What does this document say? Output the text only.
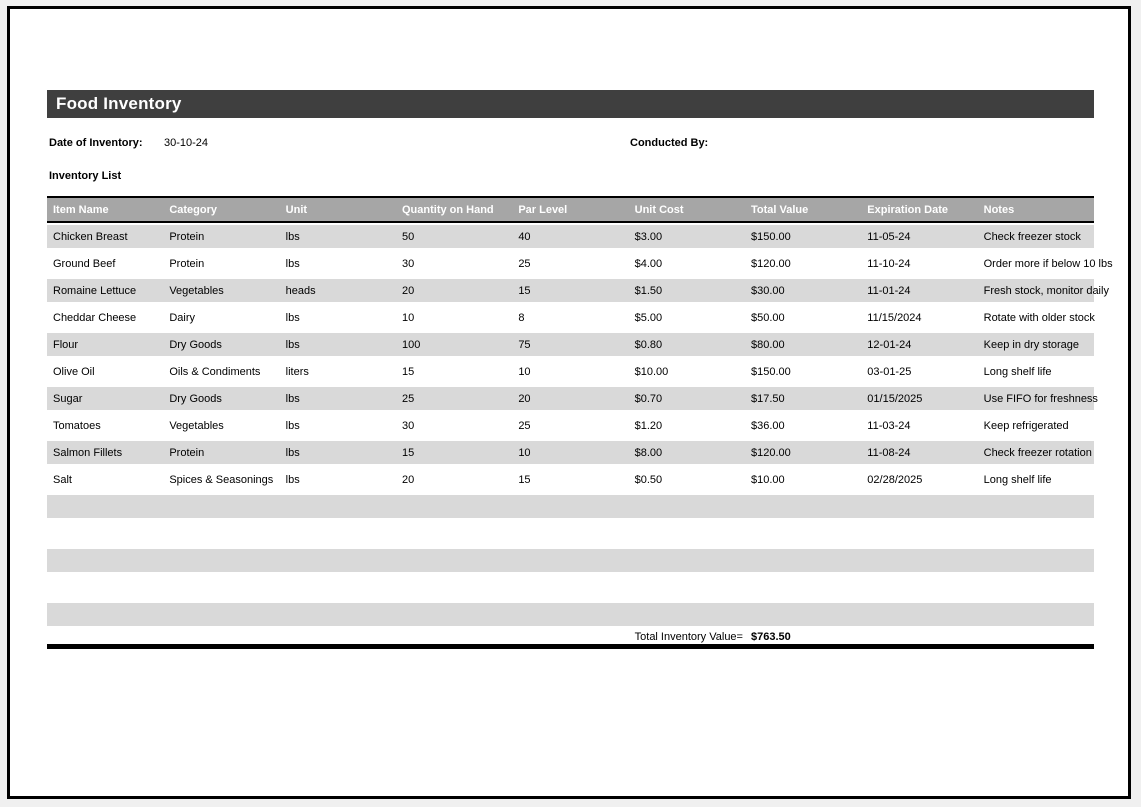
Food Inventory
Date of Inventory: 30-10-24	Conducted By:
Inventory List
Item Name	Category	Unit	Quantity on Hand	Par Level	Unit Cost	Total Value	Expiration Date	Notes
Chicken Breast	Protein	lbs	50	40	$3.00	$150.00	11-05-24	Check freezer stock
Ground Beef	Protein	lbs	30	25	$4.00	$120.00	11-10-24	Order more if below 10 lbs
Romaine Lettuce	Vegetables	heads	20	15	$1.50	$30.00	11-01-24	Fresh stock, monitor daily
Cheddar Cheese	Dairy	lbs	10	8	$5.00	$50.00	11/15/2024	Rotate with older stock
Flour	Dry Goods	lbs	100	75	$0.80	$80.00	12-01-24	Keep in dry storage
Olive Oil	Oils & Condiments	liters	15	10	$10.00	$150.00	03-01-25	Long shelf life
Sugar	Dry Goods	lbs	25	20	$0.70	$17.50	01/15/2025	Use FIFO for freshness
Tomatoes	Vegetables	lbs	30	25	$1.20	$36.00	11-03-24	Keep refrigerated
Salmon Fillets	Protein	lbs	15	10	$8.00	$120.00	11-08-24	Check freezer rotation
Salt	Spices & Seasonings	lbs	20	15	$0.50	$10.00	02/28/2025	Long shelf life

					Total Inventory Value=	$763.50		
